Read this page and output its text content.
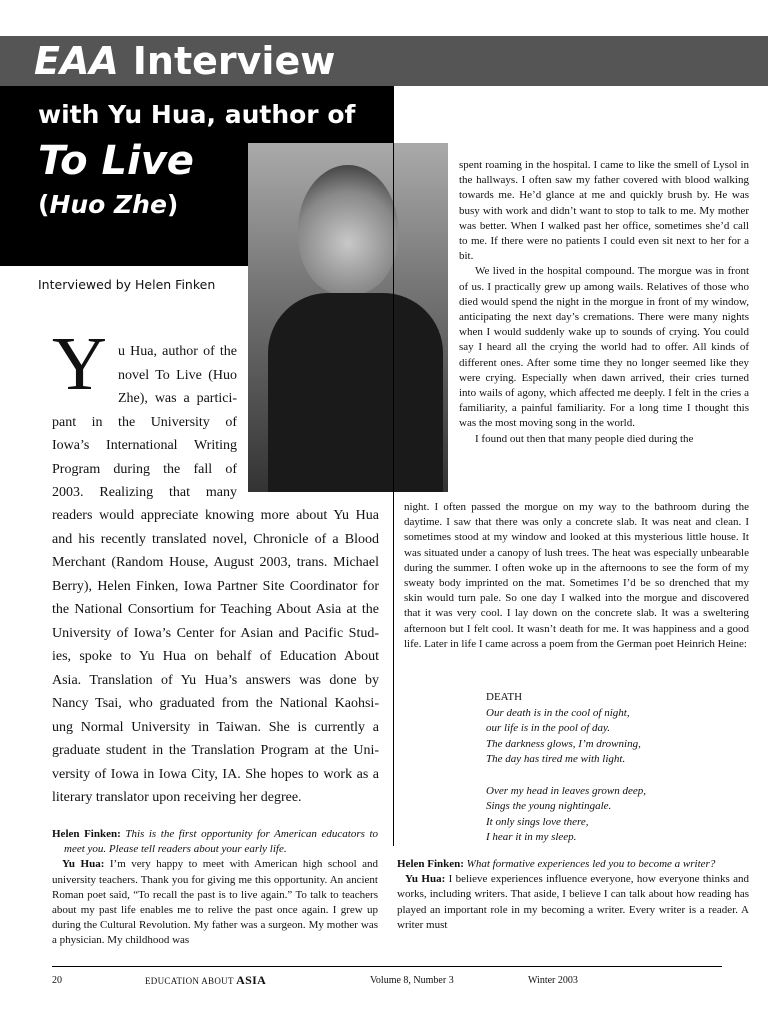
EAA Interview
with Yu Hua, author of
To Live
(Huo Zhe)
Interviewed by Helen Finken
Y u Hua, author of the
novel To Live (Huo
Zhe), was a partici-
pant in the University of
Iowa’s International Writing
Program during the fall of
2003. Realizing that many
readers would appreciate knowing more about Yu Hua
and his recently translated novel, Chronicle of a Blood
Merchant (Random House, August 2003, trans. Michael
Berry), Helen Finken, Iowa Partner Site Coordinator for
the National Consortium for Teaching About Asia at the
University of Iowa’s Center for Asian and Pacific Stud-
ies, spoke to Yu Hua on behalf of Education About
Asia. Translation of Yu Hua’s answers was done by
Nancy Tsai, who graduated from the National Kaohsi-
ung Normal University in Taiwan. She is currently a
graduate student in the Translation Program at the Uni-
versity of Iowa in Iowa City, IA. She hopes to work as a
literary translator upon receiving her degree.

Helen Finken: This is the first opportunity for American educators to meet you. Please tell readers about your early life.

Yu Hua: I’m very happy to meet with American high school and university teachers. Thank you for giving me this opportunity. An ancient Roman poet said, “To recall the past is to live again.” To talk to teachers about my past life enables me to relive the past once again. I grew up during the Cultural Revolution. My father was a surgeon. My mother was a physician. My childhood was

spent roaming in the hospital. I came to like the smell of Lysol in the hallways. I often saw my father covered with blood walking towards me. He’d glance at me and quickly brush by. He was busy with work and didn’t want to stop to talk to me. My mother was better. When I walked past her office, sometimes she’d call to me. If there were no patients I could even sit next to her for a bit.

We lived in the hospital compound. The morgue was in front of us. I practically grew up among wails. Relatives of those who died would spend the night in the morgue in front of my window, anticipating the next day’s cremations. There were many nights when I would suddenly wake up to sounds of crying. You could say I heard all the crying the world had to offer. All kinds of different ones. After some time they no longer seemed like they were crying. Especially when dawn arrived, their cries turned into wails of agony, which affected me deeply. I felt in the cries a familiarity, a painful familiarity. For a long time I thought this was the most moving song in the world.

I found out then that many people died during the

night. I often passed the morgue on my way to the bathroom during the daytime. I saw that there was only a concrete slab. It was neat and clean. I sometimes stood at my window and looked at this mysterious little house. It was situated under a canopy of lush trees. The heat was especially unbearable during the summer. I often woke up in the afternoons to see the form of my sweaty body imprinted on the mat. Sometimes I’d be so drenched that my skin would turn pale. So one day I walked into the morgue and discovered that it was very cool. I lay down on the concrete slab. It was a sweltering afternoon but I felt cool. It wasn’t death for me. It was happiness and a good life. Later in life I came across a poem from the German poet Heinrich Heine:

DEATH
Our death is in the cool of night,
our life is in the pool of day.
The darkness glows, I’m drowning,
The day has tired me with light.
Over my head in leaves grown deep,
Sings the young nightingale.
It only sings love there,
I hear it in my sleep.

Helen Finken: What formative experiences led you to become a writer?

Yu Hua: I believe experiences influence everyone, how everyone thinks and works, including writers. That aside, I believe I can talk about how reading has played an important role in my becoming a writer. Every writer is a reader. A writer must

20	EDUCATION ABOUT ASIA	Volume 8, Number 3	Winter 2003
